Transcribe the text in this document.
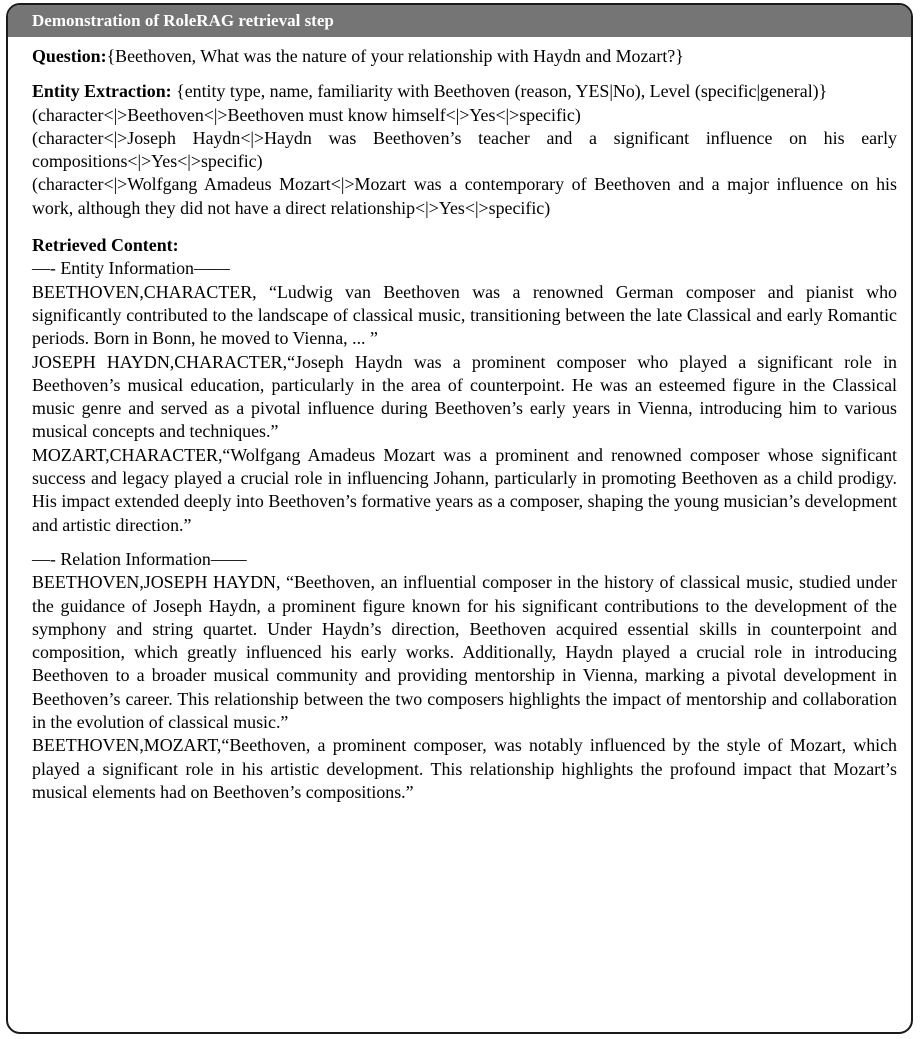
Demonstration of RoleRAG retrieval step
Question:{Beethoven, What was the nature of your relationship with Haydn and Mozart?}

Entity Extraction: {entity type, name, familiarity with Beethoven (reason, YES|No), Level (specific|general)}

(character<|>Beethoven<|>Beethoven must know himself<|>Yes<|>specific)

(character<|>Joseph Haydn<|>Haydn was Beethoven’s teacher and a significant influence on his early compositions<|>Yes<|>specific)

(character<|>Wolfgang Amadeus Mozart<|>Mozart was a contemporary of Beethoven and a major influence on his work, although they did not have a direct relationship<|>Yes<|>specific)

Retrieved Content:
—- Entity Information——

BEETHOVEN,CHARACTER, “Ludwig van Beethoven was a renowned German composer and pianist who significantly contributed to the landscape of classical music, transitioning between the late Classical and early Romantic periods. Born in Bonn, he moved to Vienna, ... ”

JOSEPH HAYDN,CHARACTER,“Joseph Haydn was a prominent composer who played a significant role in Beethoven’s musical education, particularly in the area of counterpoint. He was an esteemed figure in the Classical music genre and served as a pivotal influence during Beethoven’s early years in Vienna, introducing him to various musical concepts and techniques.”

MOZART,CHARACTER,“Wolfgang Amadeus Mozart was a prominent and renowned composer whose significant success and legacy played a crucial role in influencing Johann, particularly in promoting Beethoven as a child prodigy. His impact extended deeply into Beethoven’s formative years as a composer, shaping the young musician’s development and artistic direction.”

—- Relation Information——

BEETHOVEN,JOSEPH HAYDN, “Beethoven, an influential composer in the history of classical music, studied under the guidance of Joseph Haydn, a prominent figure known for his significant contributions to the development of the symphony and string quartet. Under Haydn’s direction, Beethoven acquired essential skills in counterpoint and composition, which greatly influenced his early works. Additionally, Haydn played a crucial role in introducing Beethoven to a broader musical community and providing mentorship in Vienna, marking a pivotal development in Beethoven’s career. This relationship between the two composers highlights the impact of mentorship and collaboration in the evolution of classical music.”

BEETHOVEN,MOZART,“Beethoven, a prominent composer, was notably influenced by the style of Mozart, which played a significant role in his artistic development. This relationship highlights the profound impact that Mozart’s musical elements had on Beethoven’s compositions.”
